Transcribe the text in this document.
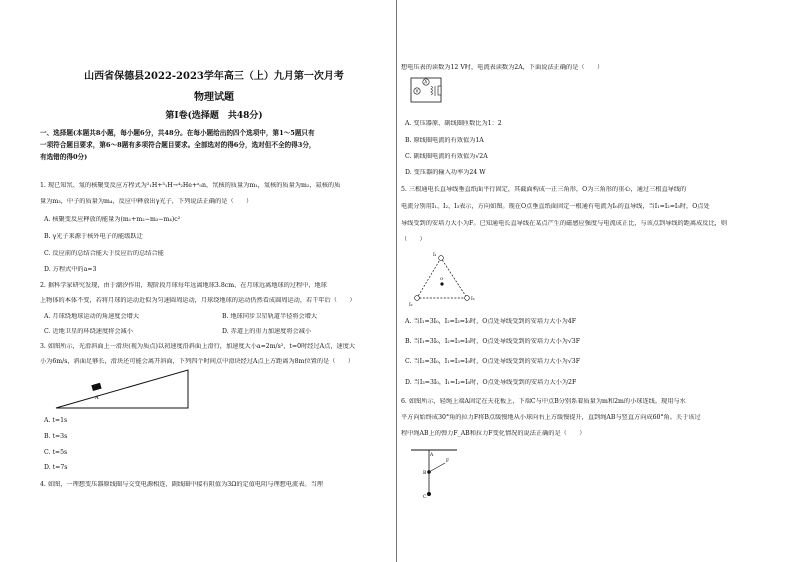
山西省保德县2022-2023学年高三（上）九月第一次月考
物理试题
第Ⅰ卷(选择题　共48分)
一、选择题(本题共8小题，每小题6分，共48分。在每小题给出的四个选项中，第1～5题只有
一项符合题目要求，第6～8题有多项符合题目要求。全部选对的得6分，选对但不全的得3分，
有选错的得0分)
1. 现已知氘、氚的核聚变反应方程式为²₁H+³₁H→⁴₂He+ᵃ₀n，氘核的质量为m₁，氚核的质量为m₂，氦核的质
量为m₃，中子的质量为m₄，反应中释放出γ光子，下列说法正确的是（　　）
A. 核聚变反应释放的能量为(m₁+m₂−m₃−m₄)c²
B. γ光子来源于核外电子的能级跃迁
C. 反应前的总结合能大于反应后的总结合能
D. 方程式中的a=3
2. 据科学家研究发现，由于潮汐作用，现阶段月球每年远离地球3.8cm，在月球远离地球的过程中，地球
上物体的本体不变，若将月球的运动近似为匀速圆周运动，月球绕地球的运动仍然看成圆周运动，若干年后（　　）
A. 月球绕地球运动的角速度会增大	B. 地球同步卫星轨道半径将会增大
C. 近地卫星的环绕速度将会减小	D. 赤道上的重力加速度将会减小
3. 如图所示，光滑斜面上一滑块(视为质点)以初速度沿斜面上滑行，加速度大小a=2m/s²，t=0时经过A点，速度大
小为6m/s，斜面足够长，滑块还可能会离开斜面，下列四个时间点中滑块经过A点上方距离为8m位置的是（　　）
A
A. t=1s
B. t=3s
C. t=5s
D. t=7s
4. 如图，一理想变压器原线圈与交变电源相连，副线圈中接有阻值为3Ω的定值电阻与理想电流表。当理
想电压表的读数为12 V时，电流表读数为2A，下面说法正确的是（　　）
A
V
A. 变压器原、副线圈匝数比为1：2
B. 原线圈电流的有效值为1A
C. 副线圈电流的有效值为√2A
D. 变压器的输入功率为24 W
5. 三根通电长直导线垂直纸面平行固定，其截面构成一正三角形，O为三角形的重心，通过三根直导线的
电流分别用I₁、I₂、I₃表示，方向如图。现在O点垂直纸面固定一根通有电流为I₀的直导线，当I₁=I₂=I₃时，O点处
导线受到的安培力大小为F。已知通电长直导线在某点产生的磁感应强度与电流成正比，与该点到导线的距离成反比，则
（　　）
I₁
I₂
I₃
O
A. 当I₁=3I₀，I₂=I₃=I₀时，O点处导线受到的安培力大小为4F
B. 当I₁=3I₀，I₂=I₃=I₀时，O点处导线受到的安培力大小为√3F
C. 当I₂=3I₀，I₁=I₃=I₀时，O点处导线受到的安培力大小为√3F
D. 当I₃=3I₀，I₁=I₂=I₀时，O点处导线受到的安培力大小为2F
6. 如图所示，轻绳上端A固定在天花板上，下端C与中点B分别系着质量为m和2m的小球连线。现用与水
平方向始终成30°角的拉力F将B点缓慢地从小球向右上方缓慢提升，直到绳AB与竖直方向成60°角。关于该过
程中绳AB上的弹力F_AB和拉力F变化情况的说法正确的是（　　）
A
B
C
F
